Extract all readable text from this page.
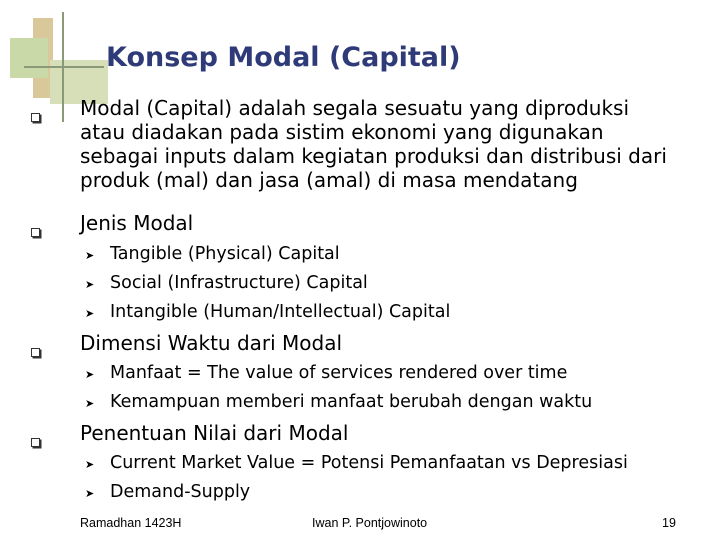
Konsep Modal (Capital)
Modal (Capital) adalah segala sesuatu yang diproduksi
atau diadakan pada sistim ekonomi yang digunakan
sebagai inputs dalam kegiatan produksi dan distribusi dari
produk (mal) dan jasa (amal) di masa mendatang
Jenis Modal
➤ Tangible (Physical) Capital
➤ Social (Infrastructure) Capital
➤ Intangible (Human/Intellectual) Capital
Dimensi Waktu dari Modal
➤ Manfaat = The value of services rendered over time
➤ Kemampuan memberi manfaat berubah dengan waktu
Penentuan Nilai dari Modal
➤ Current Market Value = Potensi Pemanfaatan vs Depresiasi
➤ Demand-Supply
Ramadhan 1423H	Iwan P. Pontjowinoto	19
